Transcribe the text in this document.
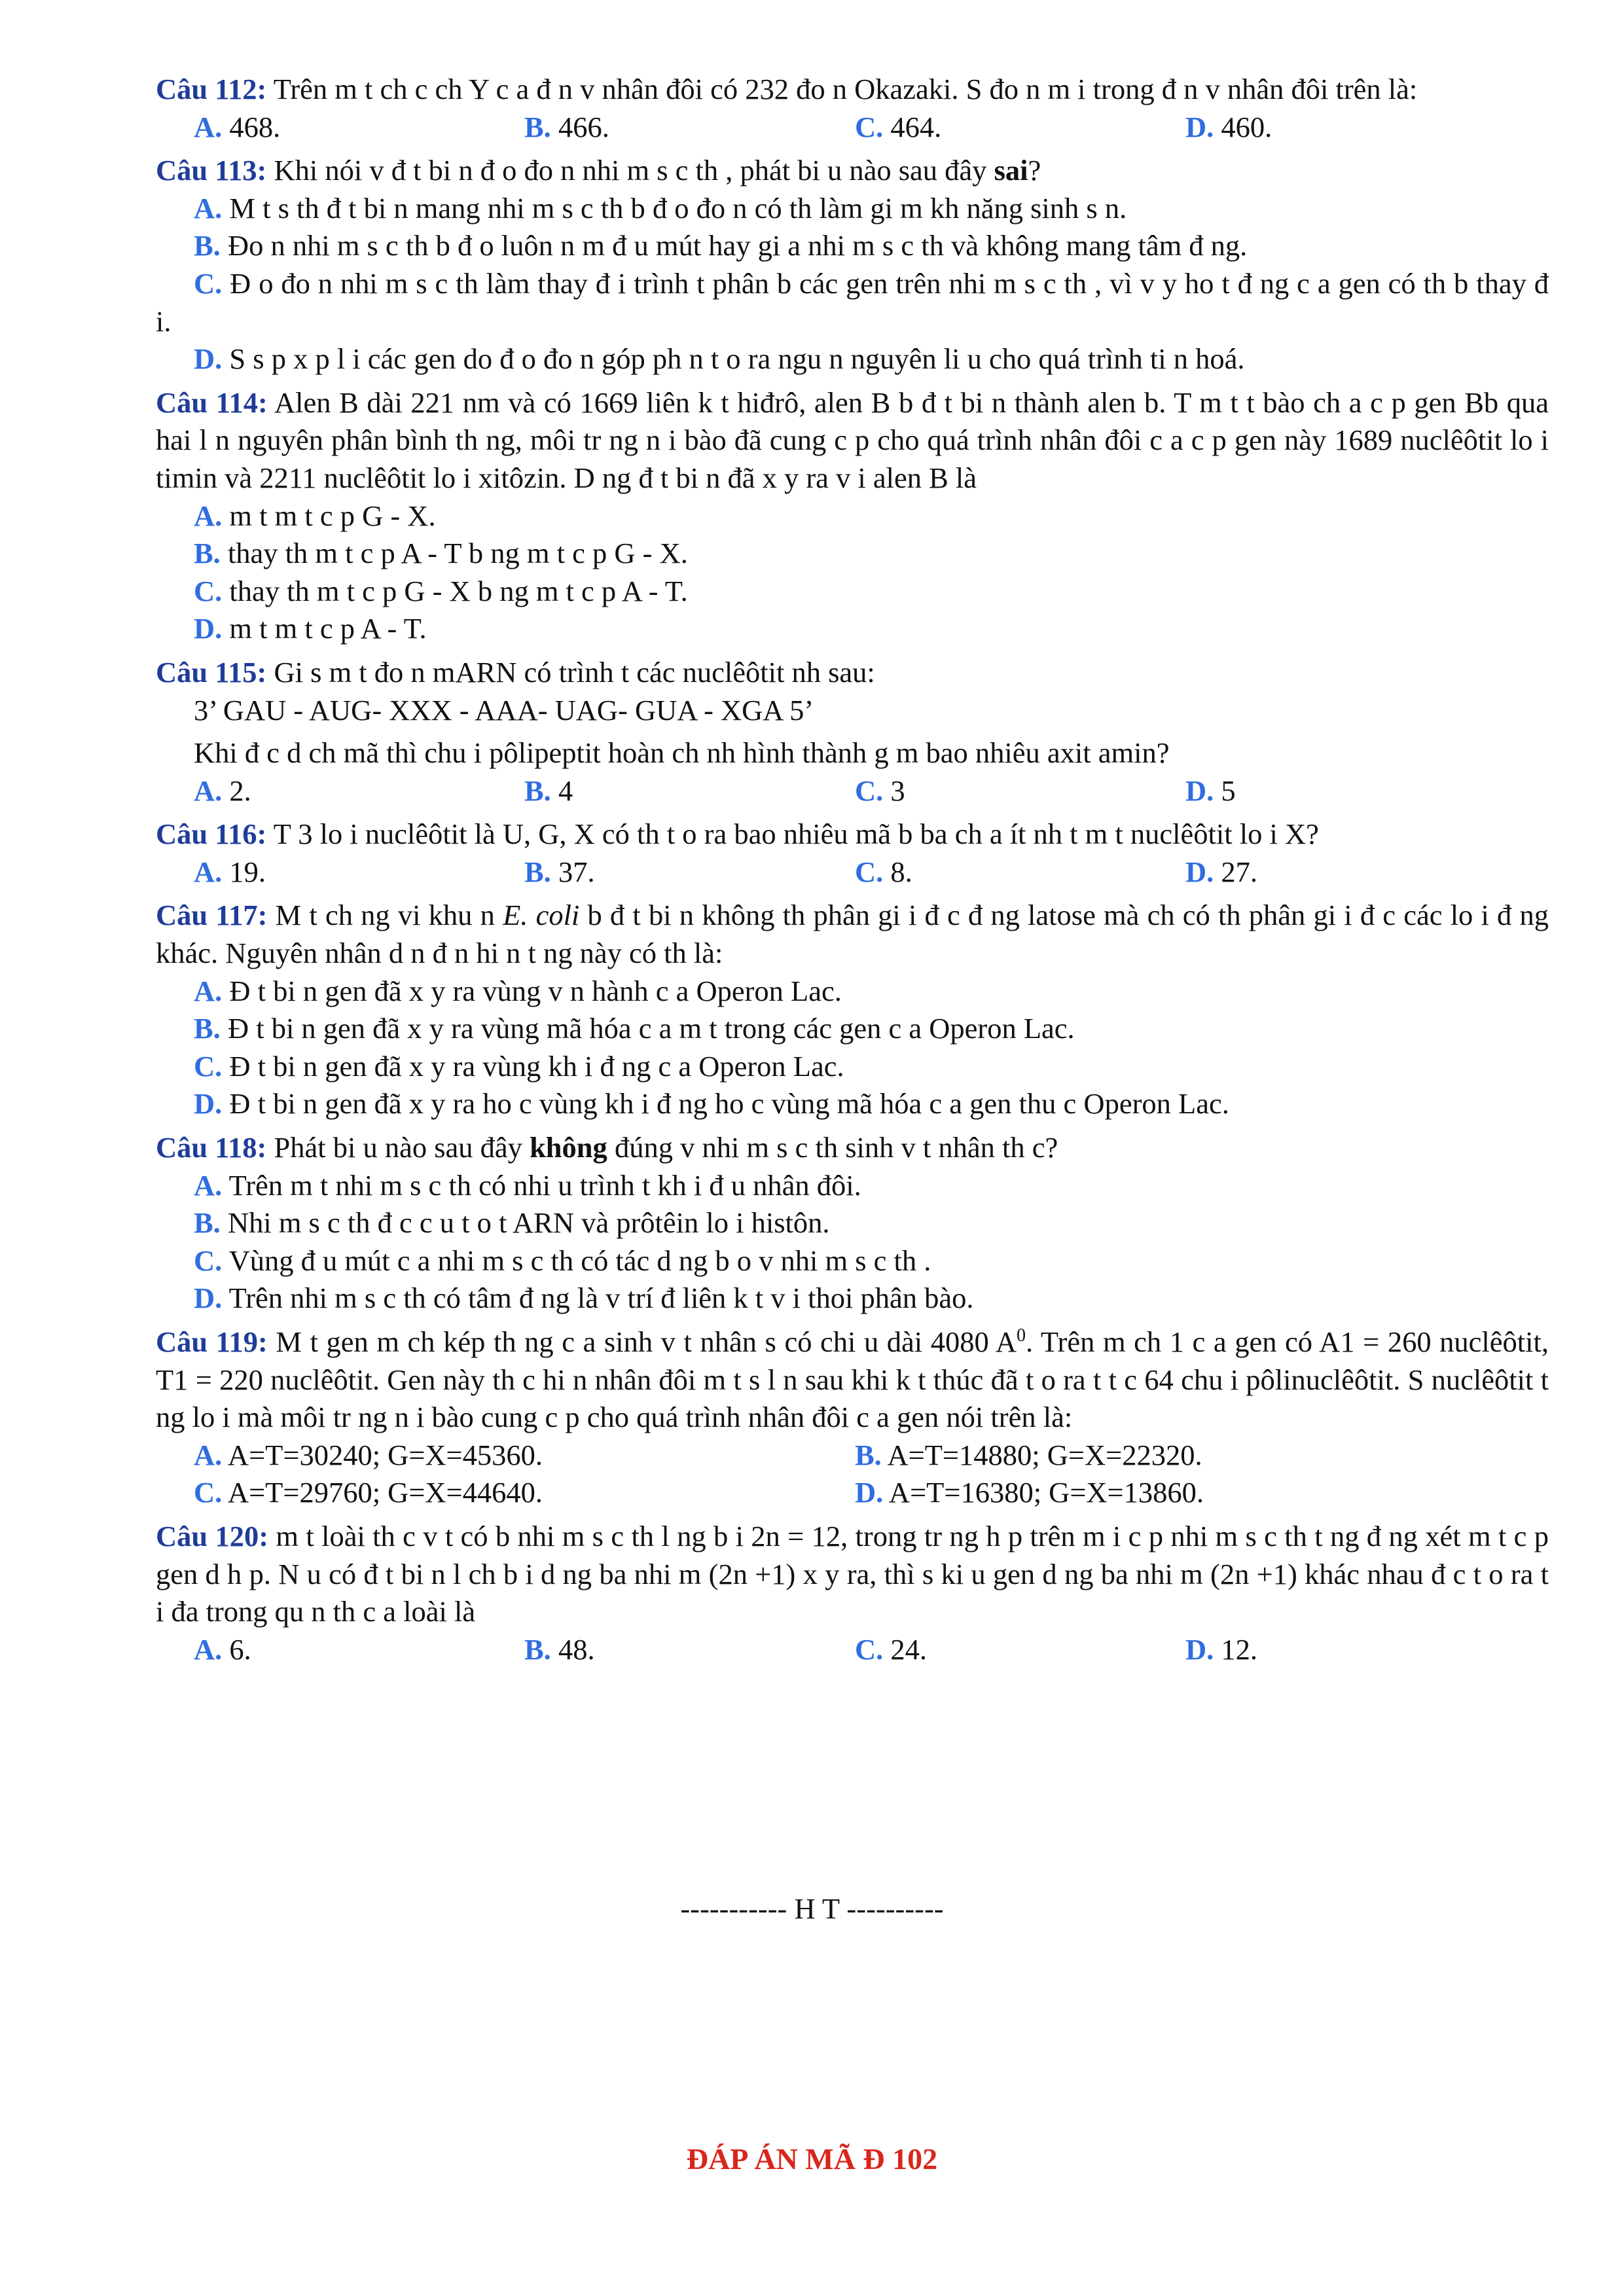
Câu 112: Trên m t ch c ch Y c a đ n v nhân đôi có 232 đo n Okazaki. S đo n m i trong đ n v nhân đôi trên là:
A. 468.	B. 466.	C. 464.	D. 460.
Câu 113: Khi nói v đ t bi n đ o đo n nhi m s c th , phát bi u nào sau đây sai?
A. M t s th đ t bi n mang nhi m s c th b đ o đo n có th làm gi m kh năng sinh s n.
B. Đo n nhi m s c th b đ o luôn n m đ u mút hay gi a nhi m s c th và không mang tâm đ ng.
C. Đ o đo n nhi m s c th làm thay đ i trình t phân b các gen trên nhi m s c th , vì v y ho t đ ng c a gen có th b thay đ i.
D. S s p x p l i các gen do đ o đo n góp ph n t o ra ngu n nguyên li u cho quá trình ti n hoá.
Câu 114: Alen B dài 221 nm và có 1669 liên k t hiđrô, alen B b đ t bi n thành alen b. T m t t bào ch a c p gen Bb qua hai l n nguyên phân bình th ng, môi tr ng n i bào đã cung c p cho quá trình nhân đôi c a c p gen này 1689 nuclêôtit lo i timin và 2211 nuclêôtit lo i xitôzin. D ng đ t bi n đã x y ra v i alen B là
A. m t m t c p G - X.
B. thay th m t c p A - T b ng m t c p G - X.
C. thay th m t c p G - X b ng m t c p A - T.
D. m t m t c p A - T.
Câu 115: Gi s m t đo n mARN có trình t các nuclêôtit nh sau:
3’ GAU - AUG- XXX - AAA- UAG- GUA - XGA 5’
Khi đ c d ch mã thì chu i pôlipeptit hoàn ch nh hình thành g m bao nhiêu axit amin?
A. 2.	B. 4	C. 3	D. 5
Câu 116: T 3 lo i nuclêôtit là U, G, X có th t o ra bao nhiêu mã b ba ch a ít nh t m t nuclêôtit lo i X?
A. 19.	B. 37.	C. 8.	D. 27.
Câu 117: M t ch ng vi khu n E. coli b đ t bi n không th phân gi i đ c đ ng latose mà ch có th phân gi i đ c các lo i đ ng khác. Nguyên nhân d n đ n hi n t ng này có th là:
A. Đ t bi n gen đã x y ra vùng v n hành c a Operon Lac.
B. Đ t bi n gen đã x y ra vùng mã hóa c a m t trong các gen c a Operon Lac.
C. Đ t bi n gen đã x y ra vùng kh i đ ng c a Operon Lac.
D. Đ t bi n gen đã x y ra ho c vùng kh i đ ng ho c vùng mã hóa c a gen thu c Operon Lac.
Câu 118: Phát bi u nào sau đây không đúng v nhi m s c th sinh v t nhân th c?
A. Trên m t nhi m s c th có nhi u trình t kh i đ u nhân đôi.
B. Nhi m s c th đ c c u t o t ARN và prôtêin lo i histôn.
C. Vùng đ u mút c a nhi m s c th có tác d ng b o v nhi m s c th .
D. Trên nhi m s c th có tâm đ ng là v trí đ liên k t v i thoi phân bào.
Câu 119: M t gen m ch kép th ng c a sinh v t nhân s có chi u dài 4080 $A^0$. Trên m ch 1 c a gen có A1 = 260 nuclêôtit, T1 = 220 nuclêôtit. Gen này th c hi n nhân đôi m t s l n sau khi k t thúc đã t o ra t t c 64 chu i pôlinuclêôtit. S nuclêôtit t ng lo i mà môi tr ng n i bào cung c p cho quá trình nhân đôi c a gen nói trên là:
A. A=T=30240; G=X=45360.	B. A=T=14880; G=X=22320.
C. A=T=29760; G=X=44640.	D. A=T=16380; G=X=13860.
Câu 120: m t loài th c v t có b nhi m s c th l ng b i 2n = 12, trong tr ng h p trên m i c p nhi m s c th t ng đ ng xét m t c p gen d h p. N u có đ t bi n l ch b i d ng ba nhi m (2n +1) x y ra, thì s ki u gen d ng ba nhi m (2n +1) khác nhau đ c t o ra t i đa trong qu n th c a loài là
A. 6.	B. 48.	C. 24.	D. 12.
----------- H T ----------
ĐÁP ÁN MÃ Đ 102
